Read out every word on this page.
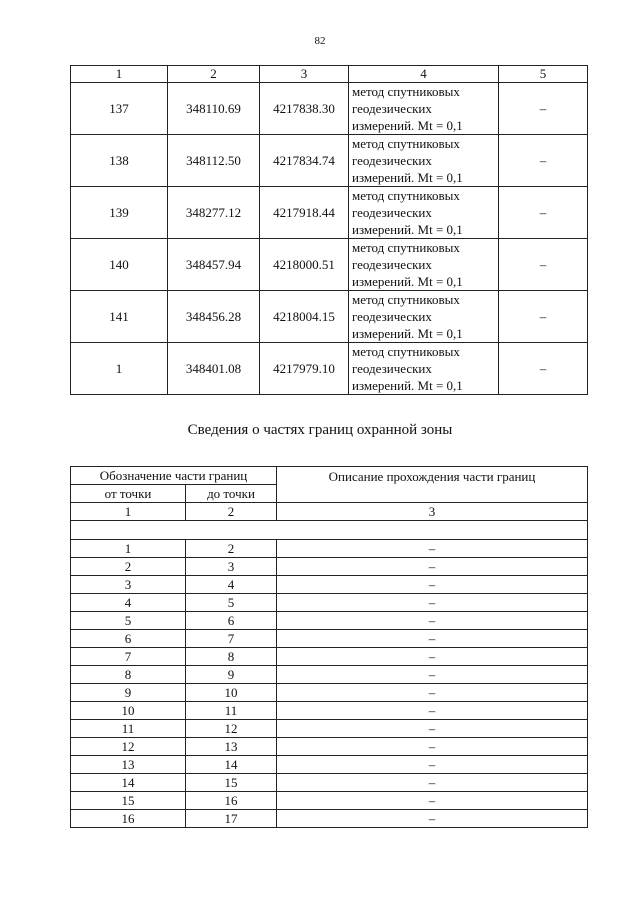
82
1	2	3	4	5
137	348110.69	4217838.30	метод спутниковых
геодезических
измерений. Mt = 0,1	–
138	348112.50	4217834.74	метод спутниковых
геодезических
измерений. Mt = 0,1	–
139	348277.12	4217918.44	метод спутниковых
геодезических
измерений. Mt = 0,1	–
140	348457.94	4218000.51	метод спутниковых
геодезических
измерений. Mt = 0,1	–
141	348456.28	4218004.15	метод спутниковых
геодезических
измерений. Mt = 0,1	–
1	348401.08	4217979.10	метод спутниковых
геодезических
измерений. Mt = 0,1	–
Сведения о частях границ охранной зоны
Обозначение части границ		Описание прохождения части границ
от точки	до точки	
1	2	3

1	2	–
2	3	–
3	4	–
4	5	–
5	6	–
6	7	–
7	8	–
8	9	–
9	10	–
10	11	–
11	12	–
12	13	–
13	14	–
14	15	–
15	16	–
16	17	–
